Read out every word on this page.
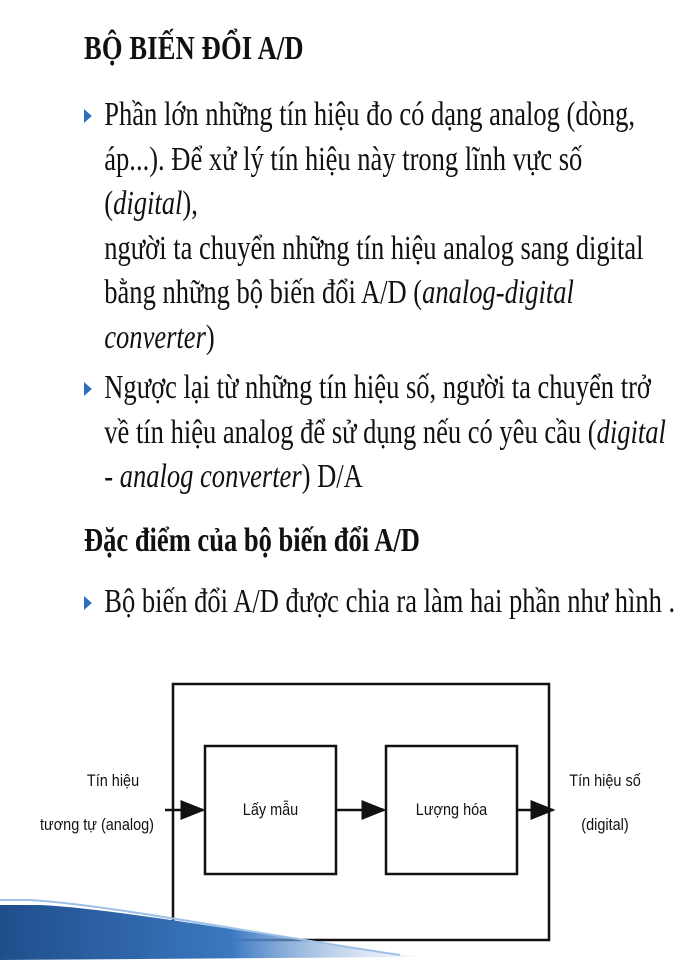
BỘ BIẾN ĐỔI A/D
Phần lớn những tín hiệu đo có dạng analog (dòng,
áp...). Để xử lý tín hiệu này trong lĩnh vực số (digital),
người ta chuyển những tín hiệu analog sang digital
bằng những bộ biến đổi A/D (analog-digital
converter)
Ngược lại từ những tín hiệu số, người ta chuyển trở
về tín hiệu analog để sử dụng nếu có yêu cầu (digital
- analog converter) D/A
Đặc điểm của bộ biến đổi A/D
Bộ biến đổi A/D được chia ra làm hai phần như hình .
Tín hiệu
tương tự (analog)
Lấy mẫu	Lượng hóa
Tín hiệu số
(digital)
